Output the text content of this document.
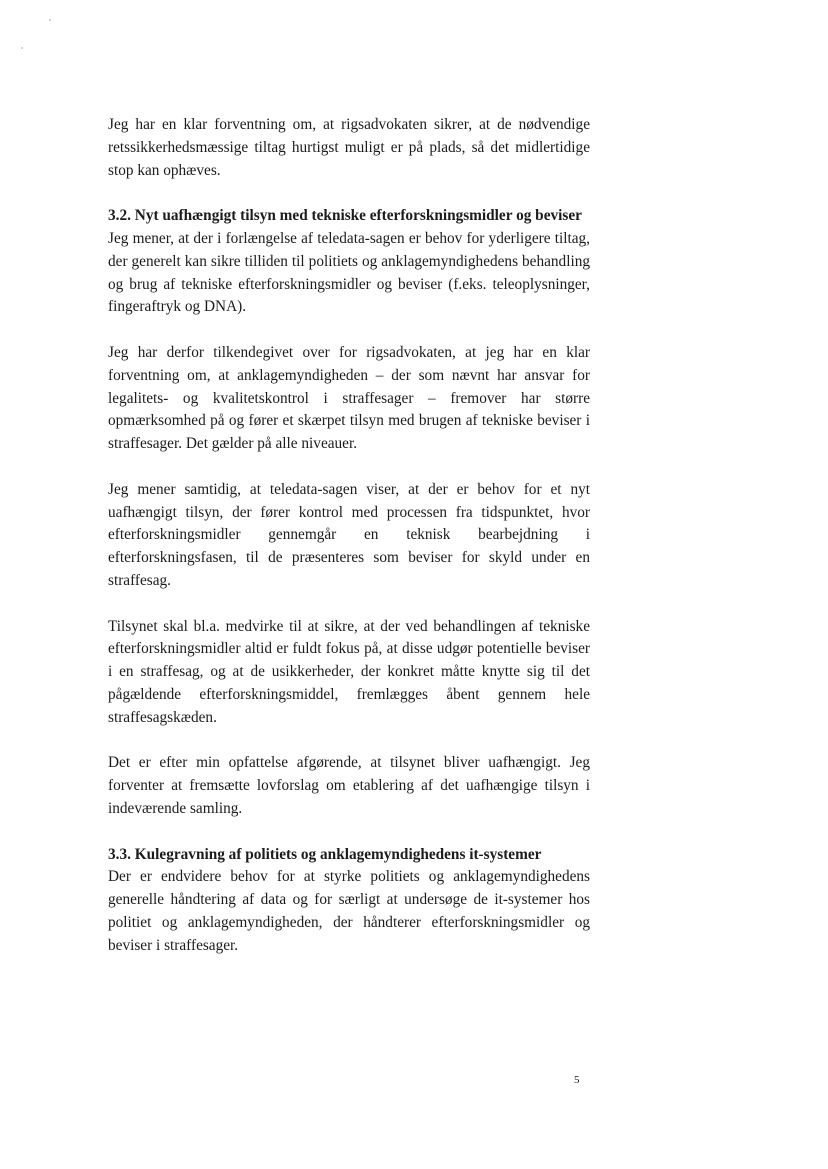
Jeg har en klar forventning om, at rigsadvokaten sikrer, at de nødvendige retssikkerhedsmæssige tiltag hurtigst muligt er på plads, så det midlertidige stop kan ophæves.

3.2. Nyt uafhængigt tilsyn med tekniske efterforskningsmidler og beviser

Jeg mener, at der i forlængelse af teledata-sagen er behov for yderligere tiltag, der generelt kan sikre tilliden til politiets og anklagemyndighedens behandling og brug af tekniske efterforskningsmidler og beviser (f.eks. teleoplysninger, fingeraftryk og DNA).

Jeg har derfor tilkendegivet over for rigsadvokaten, at jeg har en klar forventning om, at anklagemyndigheden – der som nævnt har ansvar for legalitets- og kvalitetskontrol i straffesager – fremover har større opmærksomhed på og fører et skærpet tilsyn med brugen af tekniske beviser i straffesager. Det gælder på alle niveauer.

Jeg mener samtidig, at teledata-sagen viser, at der er behov for et nyt uafhængigt tilsyn, der fører kontrol med processen fra tidspunktet, hvor efterforskningsmidler gennemgår en teknisk bearbejdning i efterforskningsfasen, til de præsenteres som beviser for skyld under en straffesag.

Tilsynet skal bl.a. medvirke til at sikre, at der ved behandlingen af tekniske efterforskningsmidler altid er fuldt fokus på, at disse udgør potentielle beviser i en straffesag, og at de usikkerheder, der konkret måtte knytte sig til det pågældende efterforskningsmiddel, fremlægges åbent gennem hele straffesagskæden.

Det er efter min opfattelse afgørende, at tilsynet bliver uafhængigt. Jeg forventer at fremsætte lovforslag om etablering af det uafhængige tilsyn i indeværende samling.

3.3. Kulegravning af politiets og anklagemyndighedens it-systemer

Der er endvidere behov for at styrke politiets og anklagemyndighedens generelle håndtering af data og for særligt at undersøge de it-systemer hos politiet og anklagemyndigheden, der håndterer efterforskningsmidler og beviser i straffesager.

5
